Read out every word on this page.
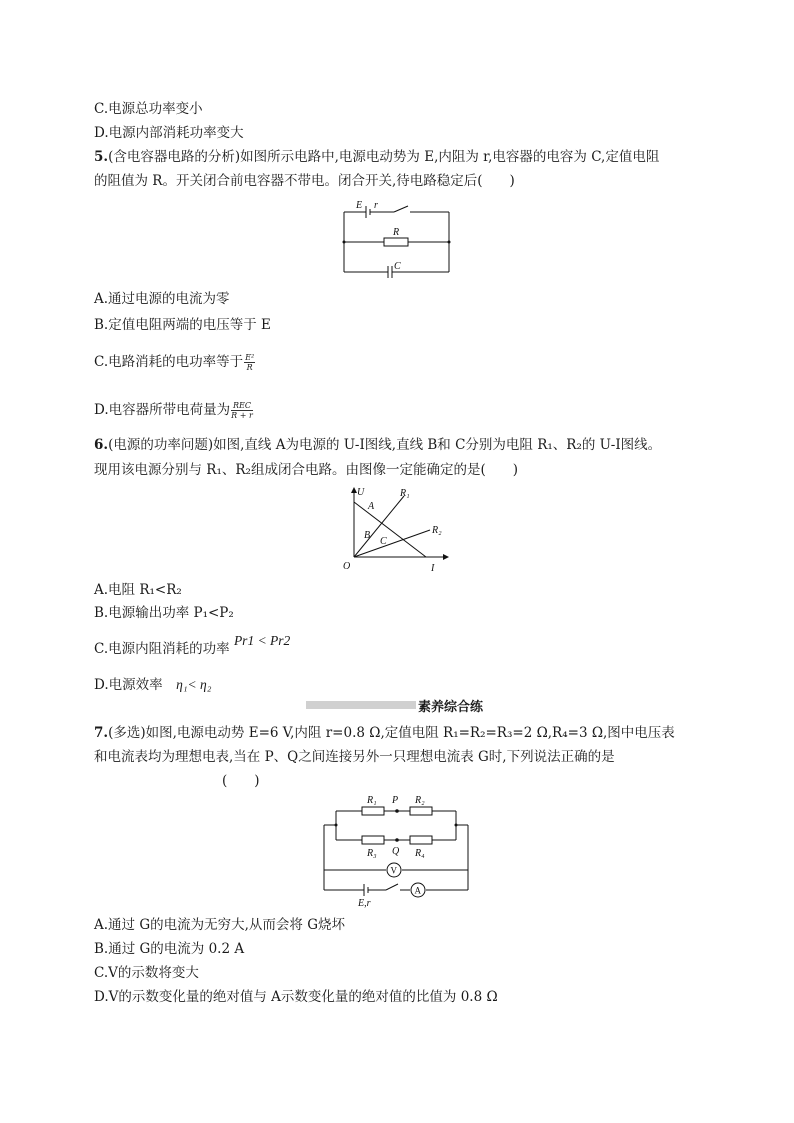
C.电源总功率变小
D.电源内部消耗功率变大
5.(含电容器电路的分析)如图所示电路中,电源电动势为 E,内阻为 r,电容器的电容为 C,定值电阻
的阻值为 R。开关闭合前电容器不带电。闭合开关,待电路稳定后(　　)
E r
R
C
A.通过电源的电流为零
B.定值电阻两端的电压等于 E
C.电路消耗的电功率等于 $\frac{\text{E²}}{R}$
D.电容器所带电荷量为 $\frac{\text{REC}}{R + r}$
6.(电源的功率问题)如图,直线 A为电源的 U-I图线,直线 B和 C分别为电阻 R₁、R₂的 U-I图线。
现用该电源分别与 R₁、R₂组成闭合电路。由图像一定能确定的是(　　)
U
I
O
A
B
C
R₁
R₂
A.电阻 R₁<R₂
B.电源输出功率 P₁<P₂
C.电源内阻消耗的功率 Pr1 < Pr2
D.电源效率　 η₁< η₂
素养综合练
7.(多选)如图,电源电动势 E=6 V,内阻 r=0.8 Ω,定值电阻 R₁=R₂=R₃=2 Ω,R₄=3 Ω,图中电压表
和电流表均为理想电表,当在 P、Q之间连接另外一只理想电流表 G时,下列说法正确的是
(　　)
R₁ P R₂
R₃ Q R₄
V
A
E,r
A.通过 G的电流为无穷大,从而会将 G烧坏
B.通过 G的电流为 0.2 A
C.V的示数将变大
D.V的示数变化量的绝对值与 A示数变化量的绝对值的比值为 0.8 Ω
